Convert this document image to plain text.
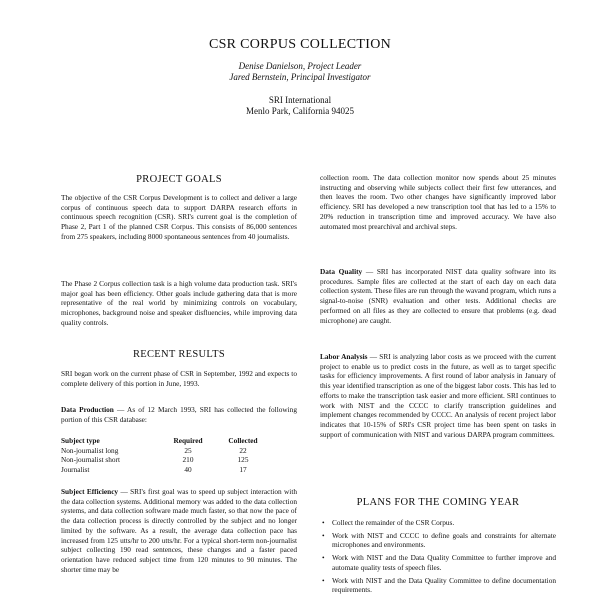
CSR CORPUS COLLECTION
Denise Danielson, Project Leader
Jared Bernstein, Principal Investigator
SRI International
Menlo Park, California 94025
PROJECT GOALS
The objective of the CSR Corpus Development is to collect and deliver a large corpus of continuous speech data to support DARPA research efforts in continuous speech recognition (CSR). SRI's current goal is the completion of Phase 2, Part 1 of the planned CSR Corpus. This consists of 86,000 sentences from 275 speakers, including 8000 spontaneous sentences from 40 journalists.
The Phase 2 Corpus collection task is a high volume data production task. SRI's major goal has been efficiency. Other goals include gathering data that is more representative of the real world by minimizing controls on vocabulary, microphones, background noise and speaker disfluencies, while improving data quality controls.
RECENT RESULTS
SRI began work on the current phase of CSR in September, 1992 and expects to complete delivery of this portion in June, 1993.
Data Production — As of 12 March 1993, SRI has collected the following portion of this CSR database:
Subject type	Required	Collected
Non-journalist long	25	22
Non-journalist short	210	125
Journalist	40	17
Subject Efficiency — SRI's first goal was to speed up subject interaction with the data collection systems. Additional memory was added to the data collection systems, and data collection software made much faster, so that now the pace of the data collection process is directly controlled by the subject and no longer limited by the software. As a result, the average data collection pace has increased from 125 utts/hr to 200 utts/hr. For a typical short-term non-journalist subject collecting 190 read sentences, these changes and a faster paced orientation have reduced subject time from 120 minutes to 90 minutes. The shorter time may be
collection room. The data collection monitor now spends about 25 minutes instructing and observing while subjects collect their first few utterances, and then leaves the room. Two other changes have significantly improved labor efficiency. SRI has developed a new transcription tool that has led to a 15% to 20% reduction in transcription time and improved accuracy. We have also automated most prearchival and archival steps.
Data Quality — SRI has incorporated NIST data quality software into its procedures. Sample files are collected at the start of each day on each data collection system. These files are run through the wavand program, which runs a signal-to-noise (SNR) evaluation and other tests. Additional checks are performed on all files as they are collected to ensure that problems (e.g. dead microphone) are caught.
Labor Analysis — SRI is analyzing labor costs as we proceed with the current project to enable us to predict costs in the future, as well as to target specific tasks for efficiency improvements. A first round of labor analysis in January of this year identified transcription as one of the biggest labor costs. This has led to efforts to make the transcription task easier and more efficient. SRI continues to work with NIST and the CCCC to clarify transcription guidelines and implement changes recommended by CCCC. An analysis of recent project labor indicates that 10-15% of SRI's CSR project time has been spent on tasks in support of communication with NIST and various DARPA program committees.
PLANS FOR THE COMING YEAR
• Collect the remainder of the CSR Corpus.
• Work with NIST and CCCC to define goals and constraints for alternate microphones and environments.
• Work with NIST and the Data Quality Committee to further improve and automate quality tests of speech files.
• Work with NIST and the Data Quality Committee to define documentation requirements.
